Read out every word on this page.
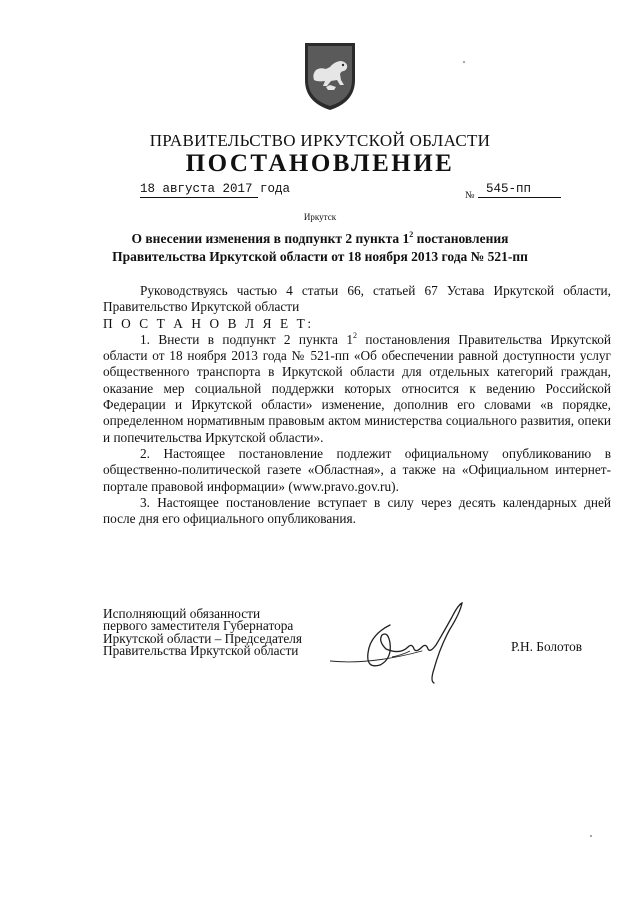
ПРАВИТЕЛЬСТВО ИРКУТСКОЙ ОБЛАСТИ
ПОСТАНОВЛЕНИЕ
18 августа 2017 года	№ 545-пп
Иркутск
О внесении изменения в подпункт 2 пункта $1^2$ постановления
Правительства Иркутской области от 18 ноября 2013 года № 521-пп

Руководствуясь частью 4 статьи 66, статьей 67 Устава Иркутской области, Правительство Иркутской области

П О С Т А Н О В Л Я Е Т:

1. Внести в подпункт 2 пункта $1^2$ постановления Правительства Иркутской области от 18 ноября 2013 года № 521-пп «Об обеспечении равной доступности услуг общественного транспорта в Иркутской области для отдельных категорий граждан, оказание мер социальной поддержки которых относится к ведению Российской Федерации и Иркутской области» изменение, дополнив его словами «в порядке, определенном нормативным правовым актом министерства социального развития, опеки и попечительства Иркутской области».

2. Настоящее постановление подлежит официальному опубликованию в общественно-политической газете «Областная», а также на «Официальном интернет-портале правовой информации» (www.pravo.gov.ru).

3. Настоящее постановление вступает в силу через десять календарных дней после дня его официального опубликования.

Исполняющий обязанности
первого заместителя Губернатора
Иркутской области – Председателя
Правительства Иркутской области	Р.Н. Болотов
